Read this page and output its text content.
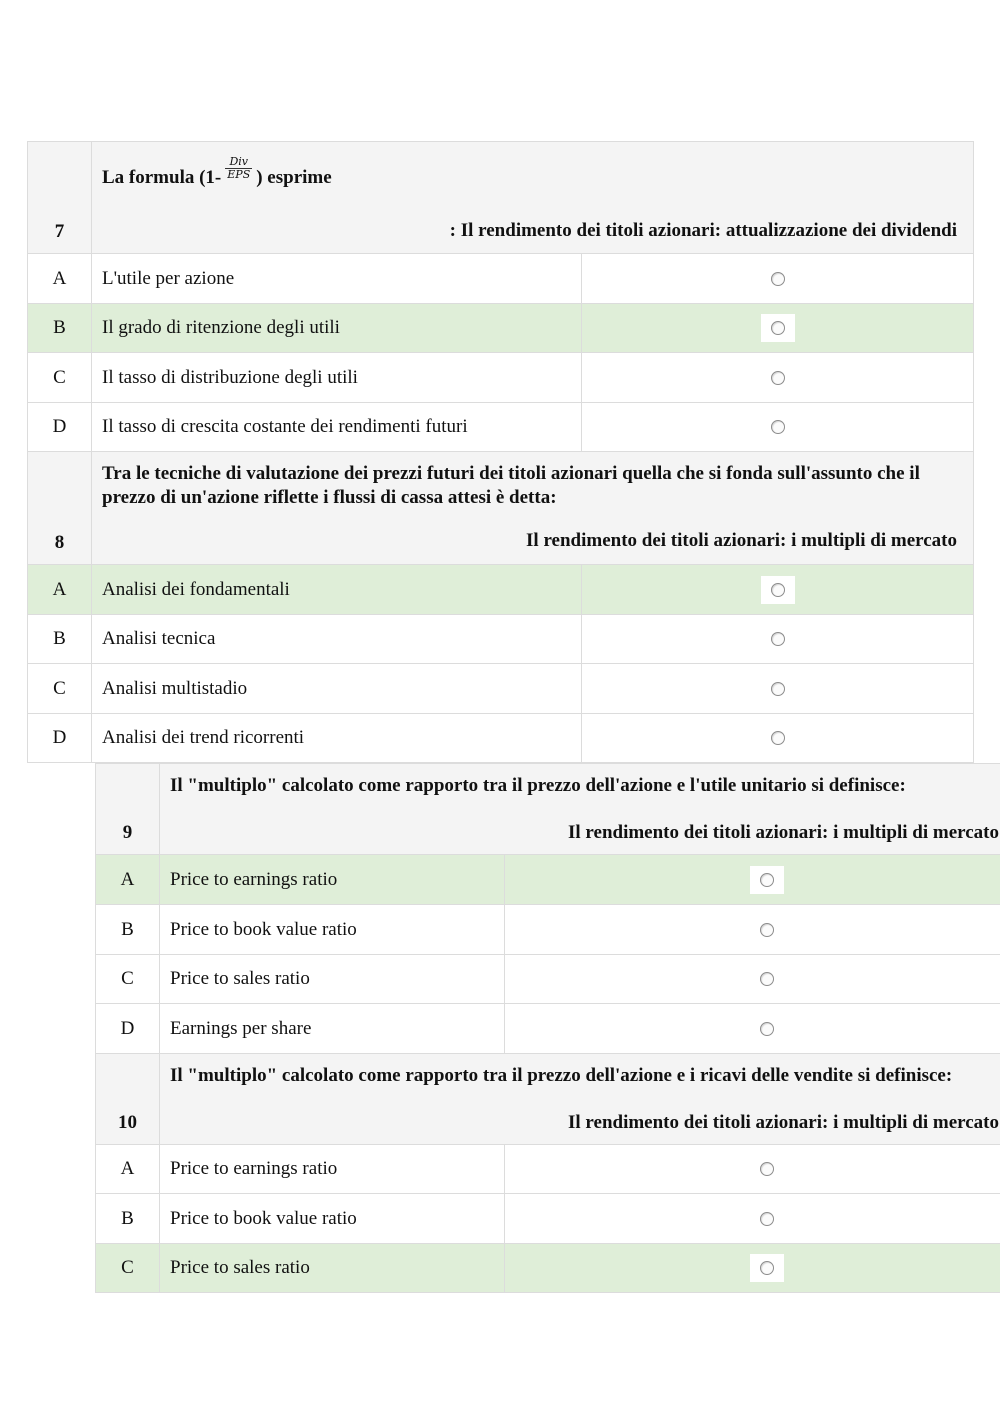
7	La formula ($1- \frac{\text{Div}}{\text{EPS}}$ ) esprime
: Il rendimento dei titoli azionari: attualizzazione dei dividendi	

A	L'utile per azione	
B	Il grado di ritenzione degli utili	
C	Il tasso di distribuzione degli utili	
D	Il tasso di crescita costante dei rendimenti futuri	
8	Tra le tecniche di valutazione dei prezzi futuri dei titoli azionari quella che si fonda sull'assunto che il prezzo di un'azione riflette i flussi di cassa attesi è detta:
Il rendimento dei titoli azionari: i multipli di mercato	

A	Analisi dei fondamentali	
B	Analisi tecnica	
C	Analisi multistadio	
D	Analisi dei trend ricorrenti	
9	Il "multiplo" calcolato come rapporto tra il prezzo dell'azione e l'utile unitario si definisce:
Il rendimento dei titoli azionari: i multipli di mercato	

A	Price to earnings ratio	
B	Price to book value ratio	
C	Price to sales ratio	
D	Earnings per share	
10	Il "multiplo" calcolato come rapporto tra il prezzo dell'azione e i ricavi delle vendite si definisce:
Il rendimento dei titoli azionari: i multipli di mercato	

A	Price to earnings ratio	
B	Price to book value ratio	
C	Price to sales ratio	
